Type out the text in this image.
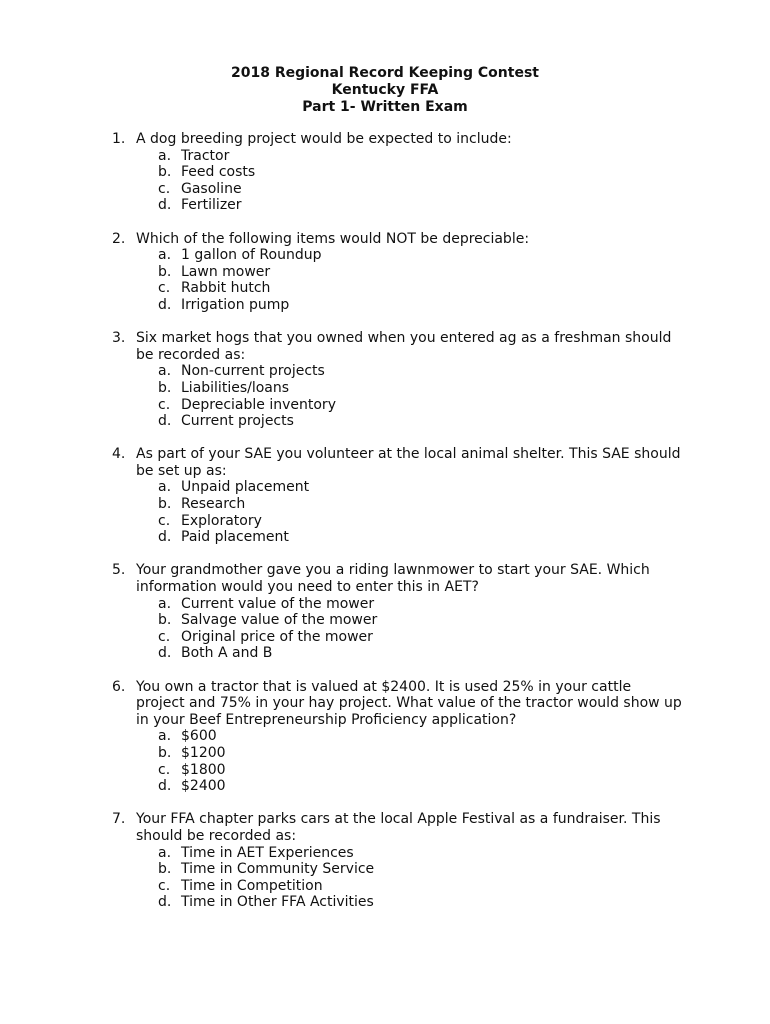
2018 Regional Record Keeping Contest
Kentucky FFA
Part 1- Written Exam
1. A dog breeding project would be expected to include:
a. Tractor
b. Feed costs
c. Gasoline
d. Fertilizer
2. Which of the following items would NOT be depreciable:
a. 1 gallon of Roundup
b. Lawn mower
c. Rabbit hutch
d. Irrigation pump
3. Six market hogs that you owned when you entered ag as a freshman should be recorded as:
a. Non-current projects
b. Liabilities/loans
c. Depreciable inventory
d. Current projects
4. As part of your SAE you volunteer at the local animal shelter. This SAE should be set up as:
a. Unpaid placement
b. Research
c. Exploratory
d. Paid placement
5. Your grandmother gave you a riding lawnmower to start your SAE. Which information would you need to enter this in AET?
a. Current value of the mower
b. Salvage value of the mower
c. Original price of the mower
d. Both A and B
6. You own a tractor that is valued at $2400. It is used 25% in your cattle project and 75% in your hay project. What value of the tractor would show up in your Beef Entrepreneurship Proficiency application?
a. $600
b. $1200
c. $1800
d. $2400
7. Your FFA chapter parks cars at the local Apple Festival as a fundraiser. This should be recorded as:
a. Time in AET Experiences
b. Time in Community Service
c. Time in Competition
d. Time in Other FFA Activities
